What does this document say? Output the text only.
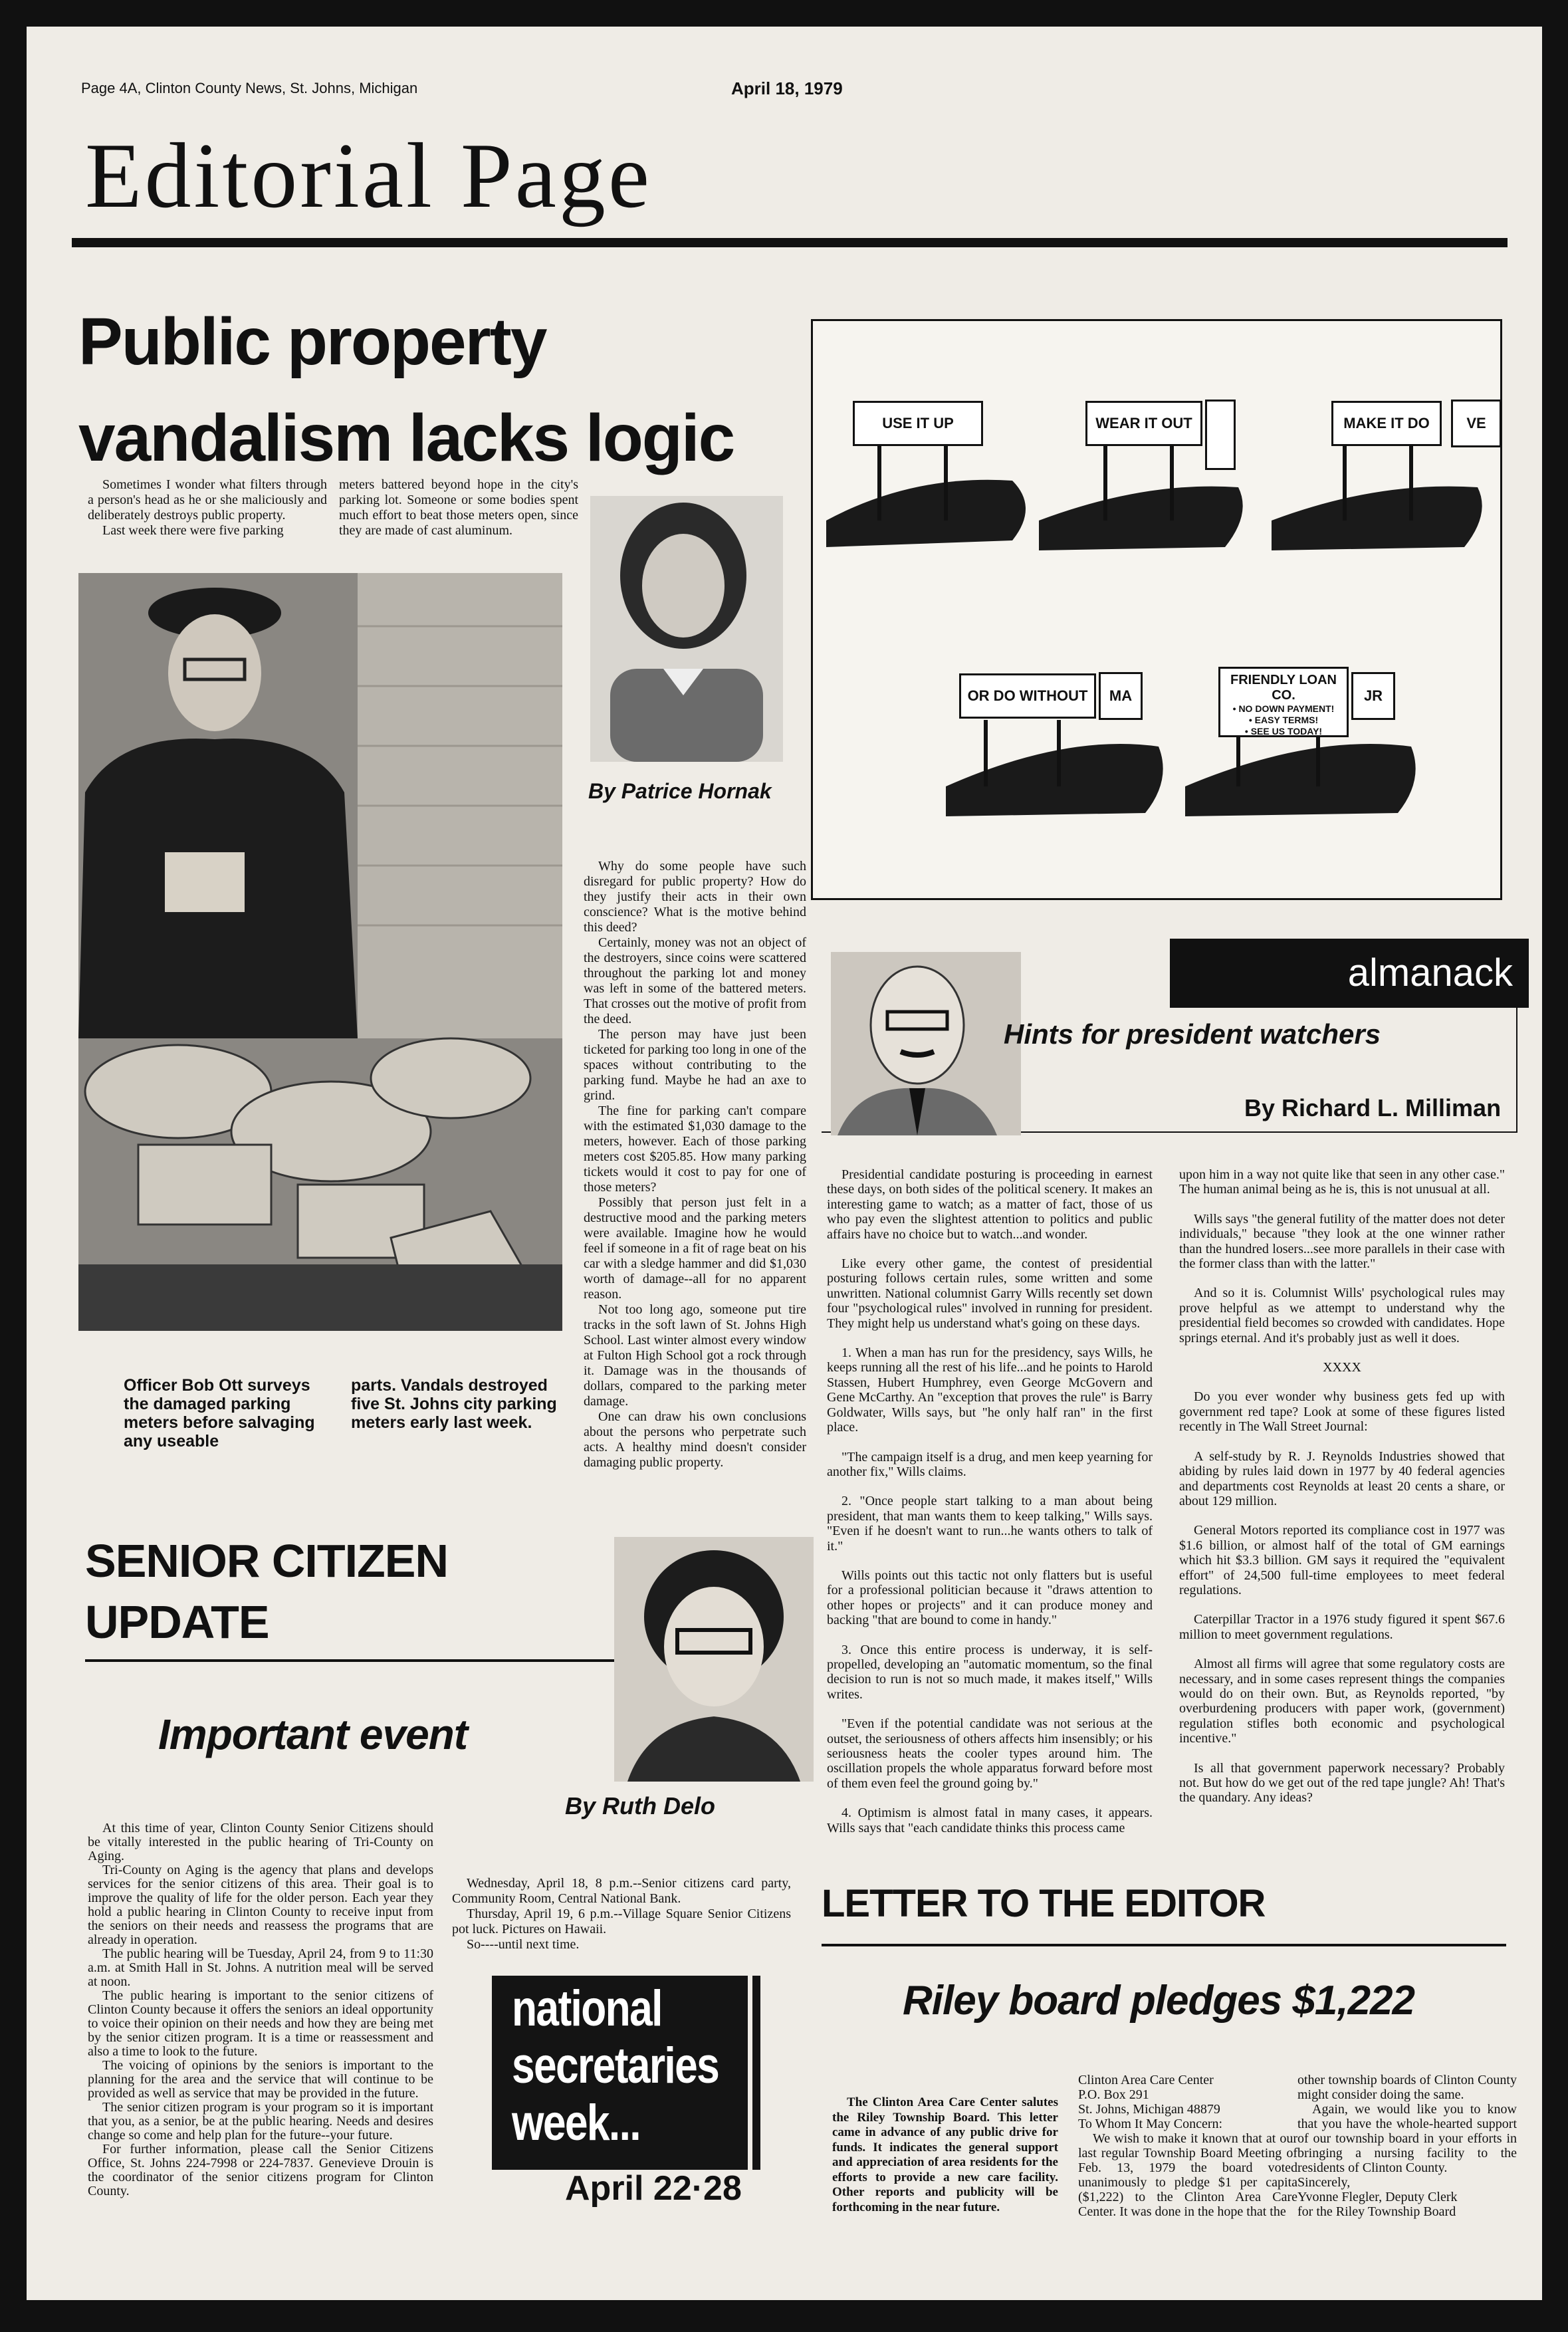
Page 4A, Clinton County News, St. Johns, Michigan	April 18, 1979
Editorial Page
Public property
vandalism lacks logic

Sometimes I wonder what filters through a person's head as he or she maliciously and deliberately destroys public property.

Last week there were five parking

meters battered beyond hope in the city's parking lot. Someone or some bodies spent much effort to beat those meters open, since they are made of cast aluminum.

By Patrice Hornak
Officer Bob Ott surveys the damaged parking meters before salvaging any useable
parts. Vandals destroyed five St. Johns city parking meters early last week.

Why do some people have such disregard for public property? How do they justify their acts in their own conscience? What is the motive behind this deed?

Certainly, money was not an object of the destroyers, since coins were scattered throughout the parking lot and money was left in some of the battered meters. That crosses out the motive of profit from the deed.

The person may have just been ticketed for parking too long in one of the spaces without contributing to the parking fund. Maybe he had an axe to grind.

The fine for parking can't compare with the estimated $1,030 damage to the meters, however. Each of those parking meters cost $205.85. How many parking tickets would it cost to pay for one of those meters?

Possibly that person just felt in a destructive mood and the parking meters were available. Imagine how he would feel if someone in a fit of rage beat on his car with a sledge hammer and did $1,030 worth of damage--all for no apparent reason.

Not too long ago, someone put tire tracks in the soft lawn of St. Johns High School. Last winter almost every window at Fulton High School got a rock through it. Damage was in the thousands of dollars, compared to the parking meter damage.

One can draw his own conclusions about the persons who perpetrate such acts. A healthy mind doesn't consider damaging public property.

USE IT UP	WEAR IT OUT	MAKE IT DO	VE
OR DO WITHOUT	MA
FRIENDLY LOAN CO.
• NO DOWN PAYMENT!
• EASY TERMS!
• SEE US TODAY!
JR
almanack
Hints for president watchers
By Richard L. Milliman

Presidential candidate posturing is proceeding in earnest these days, on both sides of the political scenery. It makes an interesting game to watch; as a matter of fact, those of us who pay even the slightest attention to politics and public affairs have no choice but to watch...and wonder.

Like every other game, the contest of presidential posturing follows certain rules, some written and some unwritten. National columnist Garry Wills recently set down four "psychological rules" involved in running for president. They might help us understand what's going on these days.

1. When a man has run for the presidency, says Wills, he keeps running all the rest of his life...and he points to Harold Stassen, Hubert Humphrey, even George McGovern and Gene McCarthy. An "exception that proves the rule" is Barry Goldwater, Wills says, but "he only half ran" in the first place.

"The campaign itself is a drug, and men keep yearning for another fix," Wills claims.

2. "Once people start talking to a man about being president, that man wants them to keep talking," Wills says. "Even if he doesn't want to run...he wants others to talk of it."

Wills points out this tactic not only flatters but is useful for a professional politician because it "draws attention to other hopes or projects" and it can produce money and backing "that are bound to come in handy."

3. Once this entire process is underway, it is self-propelled, developing an "automatic momentum, so the final decision to run is not so much made, it makes itself," Wills writes.

"Even if the potential candidate was not serious at the outset, the seriousness of others affects him insensibly; or his seriousness heats the cooler types around him. The oscillation propels the whole apparatus forward before most of them even feel the ground going by."

4. Optimism is almost fatal in many cases, it appears. Wills says that "each candidate thinks this process came

upon him in a way not quite like that seen in any other case." The human animal being as he is, this is not unusual at all.

Wills says "the general futility of the matter does not deter individuals," because "they look at the one winner rather than the hundred losers...see more parallels in their case with the former class than with the latter."

And so it is. Columnist Wills' psychological rules may prove helpful as we attempt to understand why the presidential field becomes so crowded with candidates. Hope springs eternal. And it's probably just as well it does.

XXXX

Do you ever wonder why business gets fed up with government red tape? Look at some of these figures listed recently in The Wall Street Journal:

A self-study by R. J. Reynolds Industries showed that abiding by rules laid down in 1977 by 40 federal agencies and departments cost Reynolds at least 20 cents a share, or about 129 million.

General Motors reported its compliance cost in 1977 was $1.6 billion, or almost half of the total of GM earnings which hit $3.3 billion. GM says it required the "equivalent effort" of 24,500 full-time employees to meet federal regulations.

Caterpillar Tractor in a 1976 study figured it spent $67.6 million to meet government regulations.

Almost all firms will agree that some regulatory costs are necessary, and in some cases represent things the companies would do on their own. But, as Reynolds reported, "by overburdening producers with paper work, (government) regulation stifles both economic and psychological incentive."

Is all that government paperwork necessary? Probably not. But how do we get out of the red tape jungle? Ah! That's the quandary. Any ideas?

SENIOR CITIZEN
UPDATE
Important event
By Ruth Delo

At this time of year, Clinton County Senior Citizens should be vitally interested in the public hearing of Tri-County on Aging.

Tri-County on Aging is the agency that plans and develops services for the senior citizens of this area. Their goal is to improve the quality of life for the older person. Each year they hold a public hearing in Clinton County to receive input from the seniors on their needs and reassess the programs that are already in operation.

The public hearing will be Tuesday, April 24, from 9 to 11:30 a.m. at Smith Hall in St. Johns. A nutrition meal will be served at noon.

The public hearing is important to the senior citizens of Clinton County because it offers the seniors an ideal opportunity to voice their opinion on their needs and how they are being met by the senior citizen program. It is a time or reassessment and also a time to look to the future.

The voicing of opinions by the seniors is important to the planning for the area and the service that will continue to be provided as well as service that may be provided in the future.

The senior citizen program is your program so it is important that you, as a senior, be at the public hearing. Needs and desires change so come and help plan for the future--your future.

For further information, please call the Senior Citizens Office, St. Johns 224-7998 or 224-7837. Genevieve Drouin is the coordinator of the senior citizens program for Clinton County.

Wednesday, April 18, 8 p.m.--Senior citizens card party, Community Room, Central National Bank.

Thursday, April 19, 6 p.m.--Village Square Senior Citizens pot luck. Pictures on Hawaii.

So----until next time.

national
secretaries
week...
April 22·28
LETTER TO THE EDITOR
Riley board pledges $1,222

The Clinton Area Care Center salutes the Riley Township Board. This letter came in advance of any public drive for funds. It indicates the general support and appreciation of area residents for the efforts to provide a new care facility. Other reports and publicity will be forthcoming in the near future.

Clinton Area Care Center
P.O. Box 291
St. Johns, Michigan 48879
To Whom It May Concern:

We wish to make it known that at our last regular Township Board Meeting of Feb. 13, 1979 the board voted unanimously to pledge $1 per capita ($1,222) to the Clinton Area Care Center. It was done in the hope that the

other township boards of Clinton County might consider doing the same.

Again, we would like you to know that you have the whole-hearted support of our township board in your efforts in bringing a nursing facility to the residents of Clinton County.

Sincerely,
Yvonne Flegler, Deputy Clerk
for the Riley Township Board
